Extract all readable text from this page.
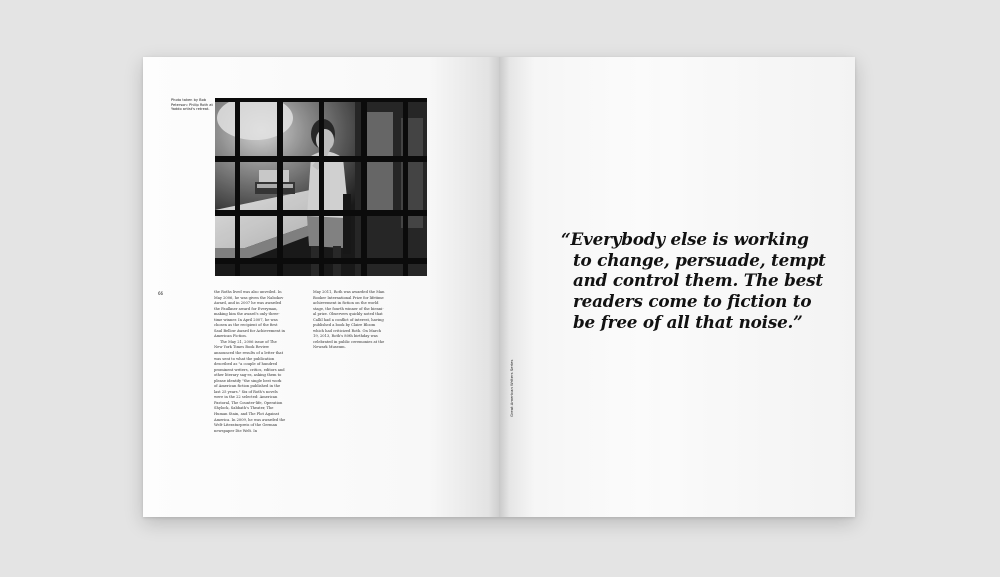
Photo taken by Bob Peterson: Philip Roth at Yaddo artist's retreat.
66	the Roths lived was also unveiled. In May 2006, he was given the Nabokov Award, and in 2007 he was awarded the Faulkner award for Everyman, making him the award's only three-time winner. In April 2007, he was chosen as the recipient of the first Saul Bellow Award for Achievement in American Fiction.

The May 21, 2006 issue of The New York Times Book Review announced the results of a letter that was sent to what the publication described as "a couple of hundred prominent writers, critics, editors and other literary sag-es, asking them to please identify "the single best work of American fiction published in the last 25 years." Six of Roth's novels were in the 22 selected: American Pastoral, The Counter-life, Operation Shylock, Sabbath's Theater, The Human Stain, and The Plot Against America. In 2009, he was awarded the Welt-Literaturpreis of the German newspaper Die Welt. In

May 2011, Roth was awarded the Man Booker International Prize for lifetime achievement in fiction on the world stage, the fourth winner of the bienni-al prize. Observers quickly noted that Callil had a conflict of interest, having published a book by Claire Bloom which had criticized Roth. On March 19, 2013, Roth's 80th birthday was celebrated in public ceremonies at the Newark Museum.

Great American Writers Series
“Everybody else is working
to change, persuade, tempt
and control them. The best
readers come to fiction to
be free of all that noise.”
